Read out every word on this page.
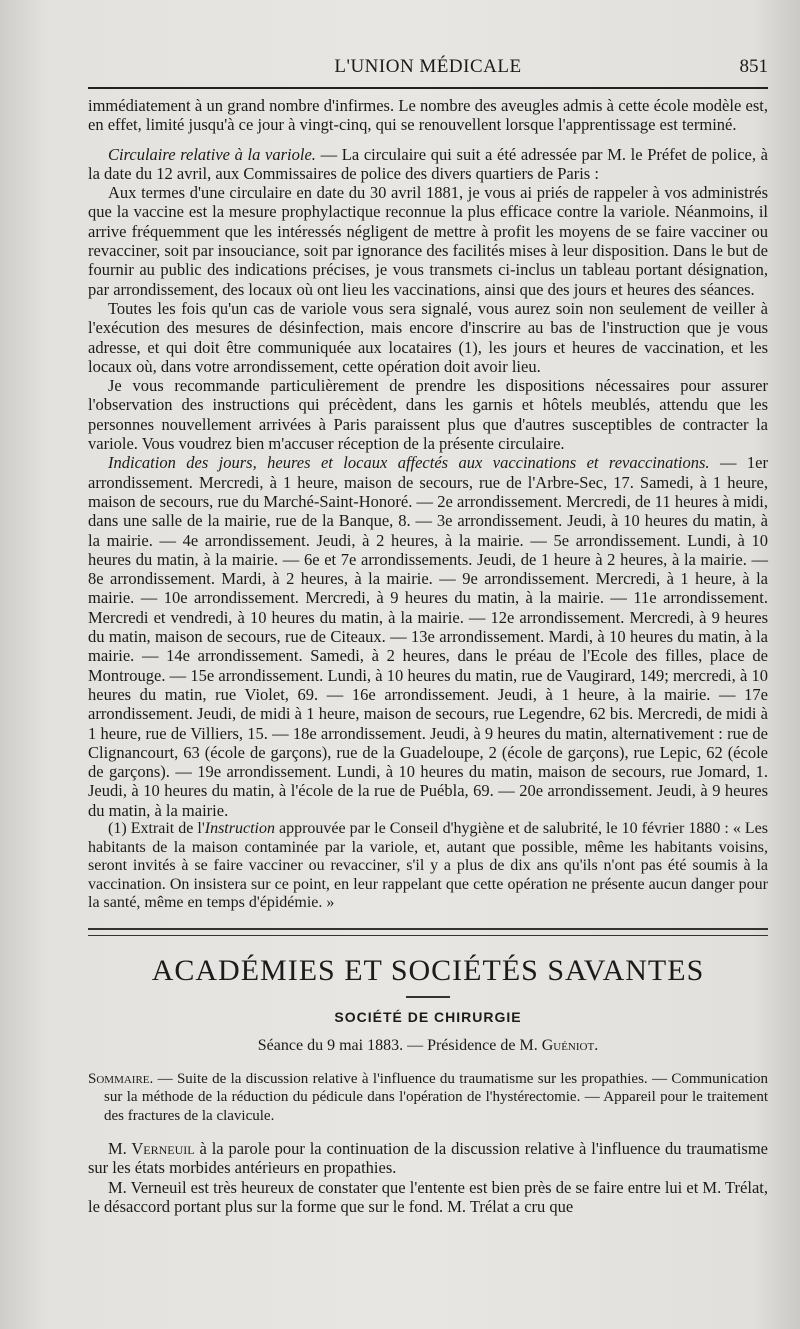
L'UNION MÉDICALE	851

immédiatement à un grand nombre d'infirmes. Le nombre des aveugles admis à cette école modèle est, en effet, limité jusqu'à ce jour à vingt-cinq, qui se renouvellent lorsque l'apprentissage est terminé.

Circulaire relative à la variole. — La circulaire qui suit a été adressée par M. le Préfet de police, à la date du 12 avril, aux Commissaires de police des divers quartiers de Paris :

Aux termes d'une circulaire en date du 30 avril 1881, je vous ai priés de rappeler à vos administrés que la vaccine est la mesure prophylactique reconnue la plus efficace contre la variole. Néanmoins, il arrive fréquemment que les intéressés négligent de mettre à profit les moyens de se faire vacciner ou revacciner, soit par insouciance, soit par ignorance des facilités mises à leur disposition. Dans le but de fournir au public des indications précises, je vous transmets ci-inclus un tableau portant désignation, par arrondissement, des locaux où ont lieu les vaccinations, ainsi que des jours et heures des séances.

Toutes les fois qu'un cas de variole vous sera signalé, vous aurez soin non seulement de veiller à l'exécution des mesures de désinfection, mais encore d'inscrire au bas de l'instruction que je vous adresse, et qui doit être communiquée aux locataires (1), les jours et heures de vaccination, et les locaux où, dans votre arrondissement, cette opération doit avoir lieu.

Je vous recommande particulièrement de prendre les dispositions nécessaires pour assurer l'observation des instructions qui précèdent, dans les garnis et hôtels meublés, attendu que les personnes nouvellement arrivées à Paris paraissent plus que d'autres susceptibles de contracter la variole. Vous voudrez bien m'accuser réception de la présente circulaire.

Indication des jours, heures et locaux affectés aux vaccinations et revaccinations. — 1er arrondissement. Mercredi, à 1 heure, maison de secours, rue de l'Arbre-Sec, 17. Samedi, à 1 heure, maison de secours, rue du Marché-Saint-Honoré. — 2e arrondissement. Mercredi, de 11 heures à midi, dans une salle de la mairie, rue de la Banque, 8. — 3e arrondissement. Jeudi, à 10 heures du matin, à la mairie. — 4e arrondissement. Jeudi, à 2 heures, à la mairie. — 5e arrondissement. Lundi, à 10 heures du matin, à la mairie. — 6e et 7e arrondissements. Jeudi, de 1 heure à 2 heures, à la mairie. — 8e arrondissement. Mardi, à 2 heures, à la mairie. — 9e arrondissement. Mercredi, à 1 heure, à la mairie. — 10e arrondissement. Mercredi, à 9 heures du matin, à la mairie. — 11e arrondissement. Mercredi et vendredi, à 10 heures du matin, à la mairie. — 12e arrondissement. Mercredi, à 9 heures du matin, maison de secours, rue de Citeaux. — 13e arrondissement. Mardi, à 10 heures du matin, à la mairie. — 14e arrondissement. Samedi, à 2 heures, dans le préau de l'Ecole des filles, place de Montrouge. — 15e arrondissement. Lundi, à 10 heures du matin, rue de Vaugirard, 149; mercredi, à 10 heures du matin, rue Violet, 69. — 16e arrondissement. Jeudi, à 1 heure, à la mairie. — 17e arrondissement. Jeudi, de midi à 1 heure, maison de secours, rue Legendre, 62 bis. Mercredi, de midi à 1 heure, rue de Villiers, 15. — 18e arrondissement. Jeudi, à 9 heures du matin, alternativement : rue de Clignancourt, 63 (école de garçons), rue de la Guadeloupe, 2 (école de garçons), rue Lepic, 62 (école de garçons). — 19e arrondissement. Lundi, à 10 heures du matin, maison de secours, rue Jomard, 1. Jeudi, à 10 heures du matin, à l'école de la rue de Puébla, 69. — 20e arrondissement. Jeudi, à 9 heures du matin, à la mairie.

(1) Extrait de l'Instruction approuvée par le Conseil d'hygiène et de salubrité, le 10 février 1880 : « Les habitants de la maison contaminée par la variole, et, autant que possible, même les habitants voisins, seront invités à se faire vacciner ou revacciner, s'il y a plus de dix ans qu'ils n'ont pas été soumis à la vaccination. On insistera sur ce point, en leur rappelant que cette opération ne présente aucun danger pour la santé, même en temps d'épidémie. »

ACADÉMIES ET SOCIÉTÉS SAVANTES
SOCIÉTÉ DE CHIRURGIE
Séance du 9 mai 1883. — Présidence de M. Guéniot.
Sommaire. — Suite de la discussion relative à l'influence du traumatisme sur les propathies. — Communication sur la méthode de la réduction du pédicule dans l'opération de l'hystérectomie. — Appareil pour le traitement des fractures de la clavicule.

M. Verneuil à la parole pour la continuation de la discussion relative à l'influence du traumatisme sur les états morbides antérieurs en propathies.

M. Verneuil est très heureux de constater que l'entente est bien près de se faire entre lui et M. Trélat, le désaccord portant plus sur la forme que sur le fond. M. Trélat a cru que
